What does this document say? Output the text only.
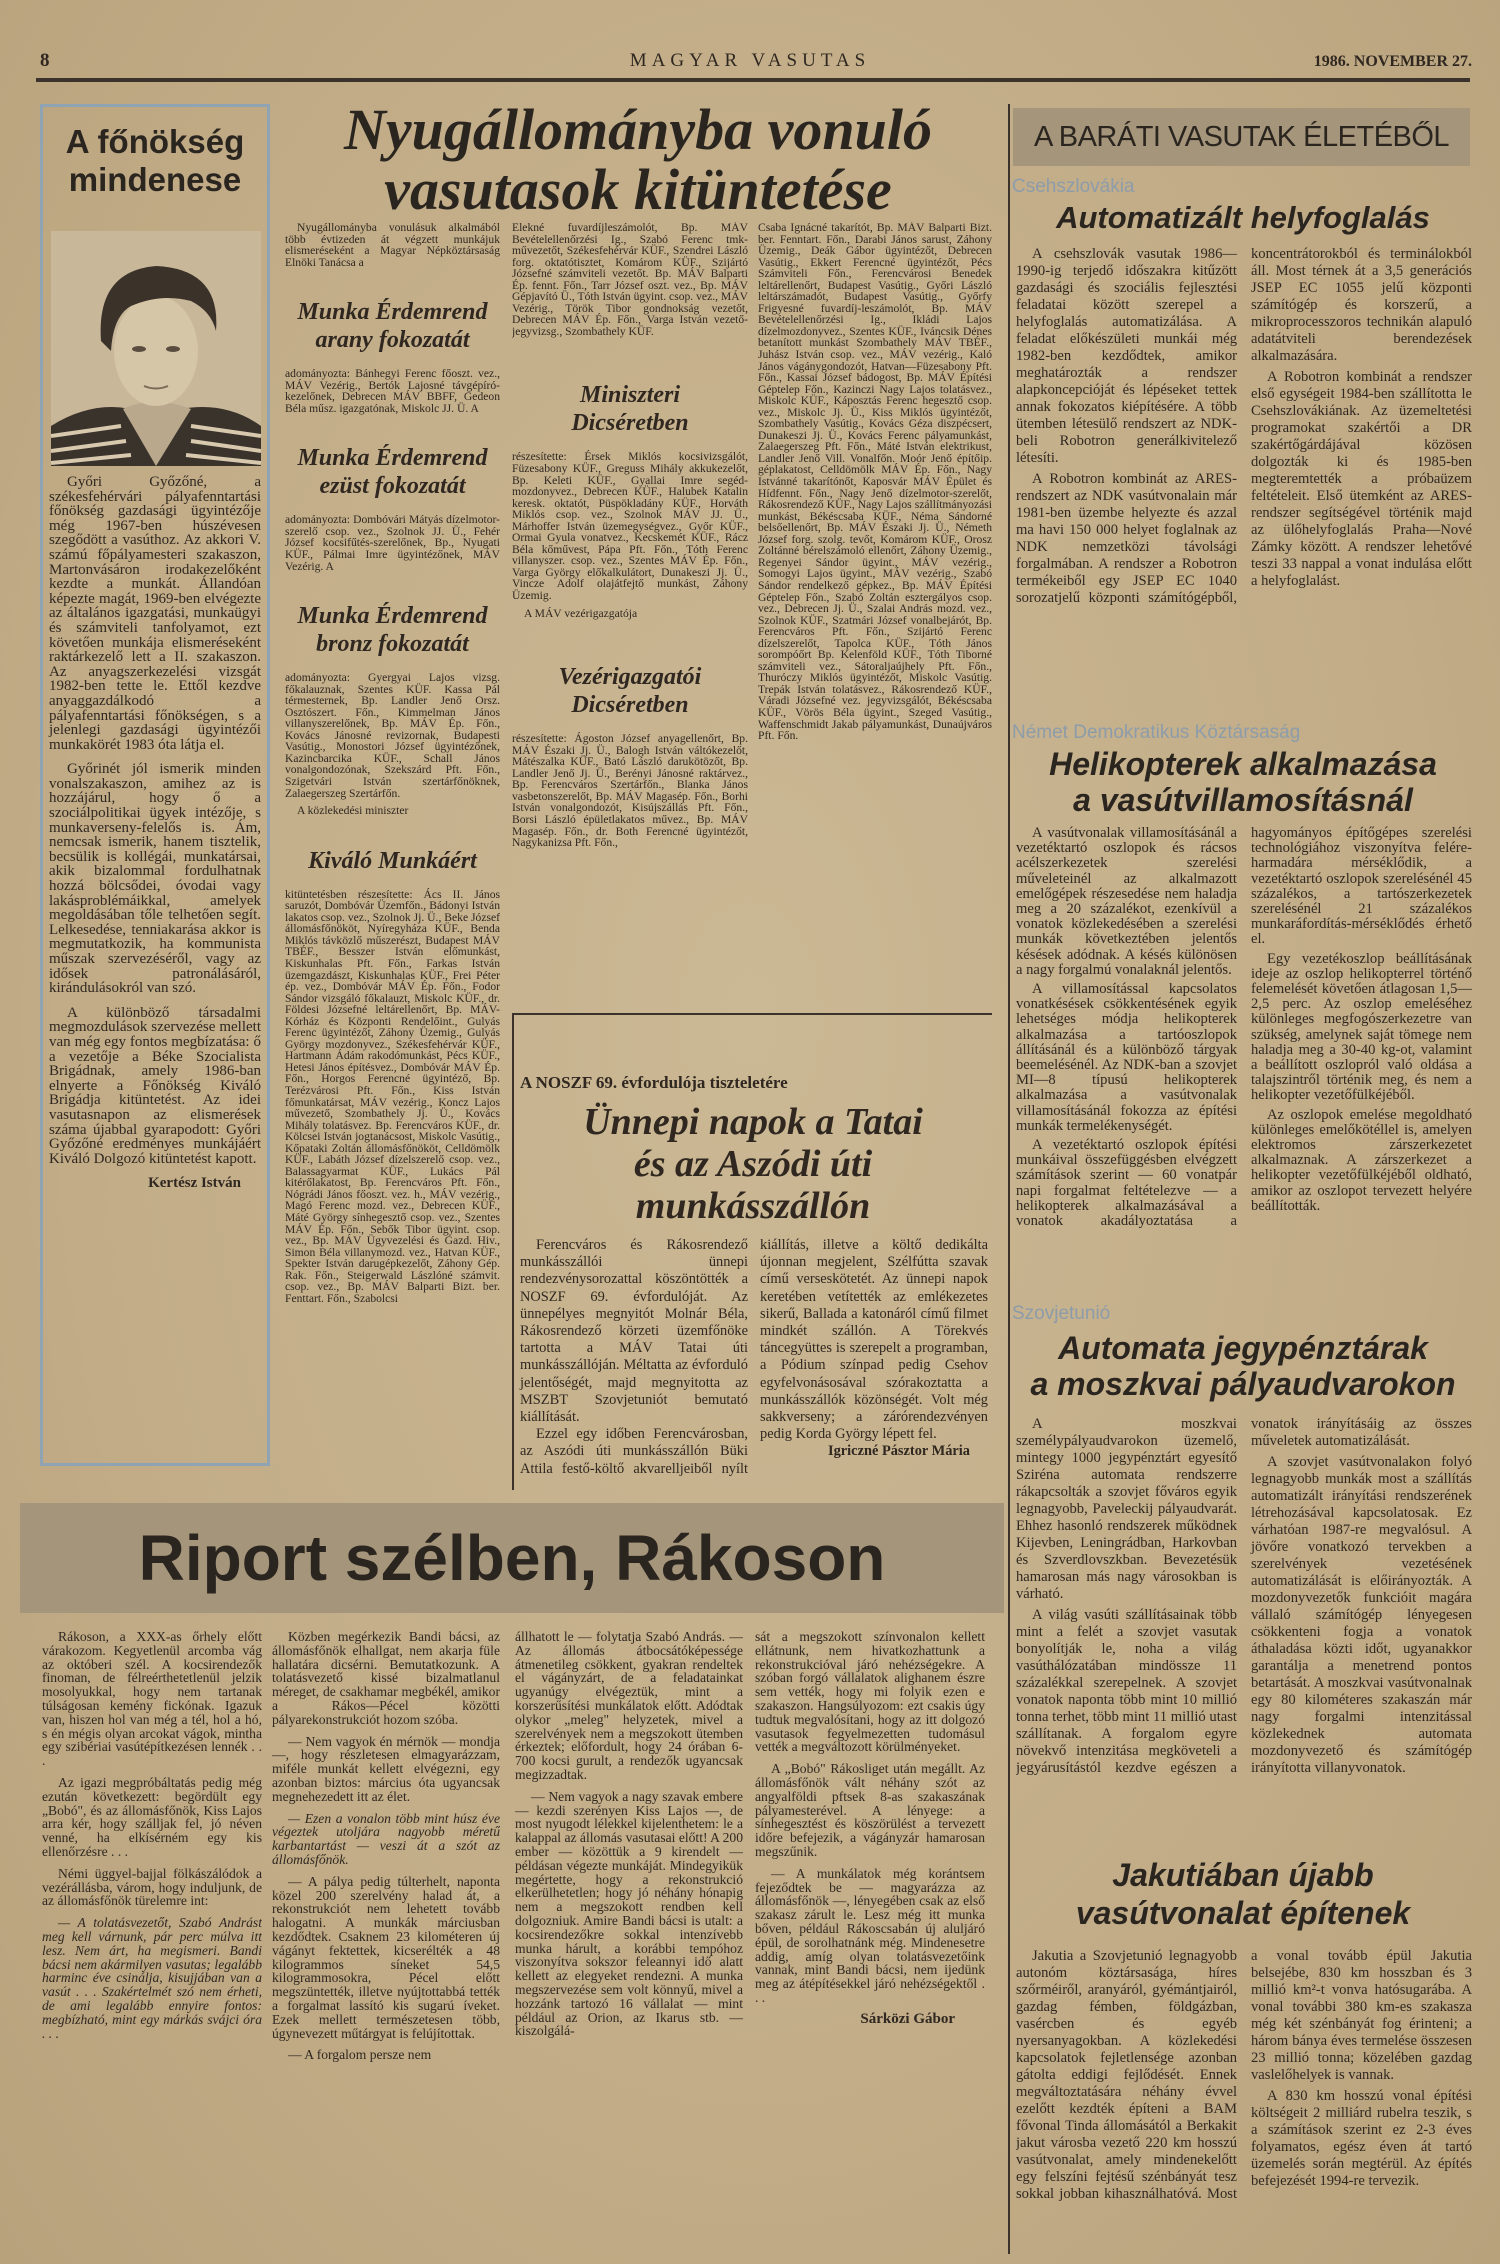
8	MAGYAR VASUTAS	1986. NOVEMBER 27.
A főnökség mindenese

Győri Győzőné, a székesfehérvári pályafenntartási főnökség gazdasági ügyintézője még 1967-ben húszévesen szegődött a vasúthoz. Az akkori V. számú főpályamesteri szakaszon, Martonvásáron irodakezelőként kezdte a munkát. Állandóan képezte magát, 1969-ben elvégezte az általános igazgatási, munkaügyi és számviteli tanfolyamot, ezt követően munkája elismeréseként raktárkezelő lett a II. szakaszon. Az anyagszerkezelési vizsgát 1982-ben tette le. Ettől kezdve anyaggazdálkodó a pályafenntartási főnökségen, s a jelenlegi gazdasági ügyintézői munkakörét 1983 óta látja el.

Győrinét jól ismerik minden vonalszakaszon, amihez az is hozzájárul, hogy ő a szociálpolitikai ügyek intézője, s munkaverseny-felelős is. Ám, nemcsak ismerik, hanem tisztelik, becsülik is kollégái, munkatársai, akik bizalommal fordulhatnak hozzá bölcsődei, óvodai vagy lakásproblémáikkal, amelyek megoldásában tőle telhetően segít. Lelkesedése, tenniakarása akkor is megmutatkozik, ha kommunista műszak szervezéséről, vagy az idősek patronálásáról, kirándulásokról van szó.

A különböző társadalmi megmozdulások szervezése mellett van még egy fontos megbízatása: ő a vezetője a Béke Szocialista Brigádnak, amely 1986-ban elnyerte a Főnökség Kiváló Brigádja kitüntetést. Az idei vasutasnapon az elismerések száma újabbal gyarapodott: Győri Győzőné eredményes munkájáért Kiváló Dolgozó kitüntetést kapott.

Kertész István
Nyugállományba vonuló
vasutasok kitüntetése

Nyugállományba vonulásuk alkalmából több évtizeden át végzett munkájuk elismeréseként a Magyar Népköztársaság Elnöki Tanácsa a

Munka Érdemrend
arany fokozatát

adományozta: Bánhegyi Ferenc főoszt. vez., MÁV Vezérig., Bertók Lajosné távgépíró-kezelőnek, Debrecen MÁV BBFF, Gedeon Béla műsz. igazgatónak, Miskolc JJ. Ü. A

Munka Érdemrend
ezüst fokozatát

adományozta: Dombóvári Mátyás dízelmotor-szerelő csop. vez., Szolnok JJ. Ü., Fehér József kocsifűtés-szerelőnek, Bp., Nyugati KÜF., Pálmai Imre ügyintézőnek, MÁV Vezérig. A

Munka Érdemrend
bronz fokozatát

adományozta: Gyergyai Lajos vizsg. főkalauznak, Szentes KÜF. Kassa Pál térmesternek, Bp. Landler Jenő Orsz. Osztószert. Főn., Kimmelman János villanyszerelőnek, Bp. MÁV Ép. Főn., Kovács Jánosné revizornak, Budapesti Vasútig., Monostori József ügyintézőnek, Kazincbarcika KÜF., Schall János vonalgondozónak, Szekszárd Pft. Főn., Szigetvári István szertárfőnöknek, Zalaegerszeg Szertárfőn.

A közlekedési miniszter

Kiváló Munkáért

kitüntetésben részesítette: Ács II. János saruzót, Dombóvár Üzemfőn., Bádonyi István lakatos csop. vez., Szolnok Jj. Ü., Beke József állomásfőnököt, Nyíregyháza KÜF., Benda Miklós távközlő műszerészt, Budapest MÁV TBÉF., Besszer István előmunkást, Kiskunhalas Pft. Főn., Farkas István üzemgazdászt, Kiskunhalas KÜF., Frei Péter ép. vez., Dombóvár MÁV Ép. Főn., Fodor Sándor vizsgáló főkalauzt, Miskolc KÜF., dr. Földesi Józsefné leltárellenőrt, Bp. MÁV-Kórház és Központi Rendelőint., Gulyás Ferenc ügyintézőt, Záhony Üzemig., Gulyás György mozdonyvez., Székesfehérvár KÜF., Hartmann Ádám rakodómunkást, Pécs KÜF., Hetesi János építésvez., Dombóvár MÁV Ép. Főn., Horgos Ferencné ügyintéző, Bp. Terézvárosi Pft. Főn., Kiss István főmunkatársat, MÁV vezérig., Koncz Lajos művezető, Szombathely Jj. Ü., Kovács Mihály tolatásvez. Bp. Ferencváros KÜF., dr. Kölcsei István jogtanácsost, Miskolc Vasútig., Kőpataki Zoltán állomásfőnököt, Celldömölk KÜF., Labáth József dízelszerelő csop. vez., Balassagyarmat KÜF., Lukács Pál kitérőlakatost, Bp. Ferencváros Pft. Főn., Nógrádi János főoszt. vez. h., MÁV vezérig., Magó Ferenc mozd. vez., Debrecen KÜF., Máté György sínhegesztő csop. vez., Szentes MÁV Ép. Főn., Sebők Tibor ügyint. csop. vez., Bp. MÁV Ügyvezelési és Gazd. Hiv., Simon Béla villanymozd. vez., Hatvan KÜF., Spekter István darugépkezelőt, Záhony Gép. Rak. Főn., Steigerwald Lászlóné számvit. csop. vez., Bp. MÁV Balparti Bizt. ber. Fenttart. Főn., Szabolcsi

Elekné fuvardíjleszámolót, Bp. MÁV Bevételellenőrzési Ig., Szabó Ferenc tmk-művezetőt, Székesfehérvár KÜF., Szendrei László forg. oktatótisztet, Komárom KÜF., Szijártó Józsefné számviteli vezetőt. Bp. MÁV Balparti Ép. fennt. Főn., Tarr József oszt. vez., Bp. MÁV Gépjavító Ü., Tóth István ügyint. csop. vez., MÁV Vezérig., Török Tibor gondnokság vezetőt, Debrecen MÁV Ép. Főn., Varga István vezető-jegyvizsg., Szombathely KÜF.

Miniszteri
Dicséretben

részesítette: Érsek Miklós kocsivizsgálót, Füzesabony KÜF., Greguss Mihály akkukezelőt, Bp. Keleti KÜF., Gyallai Imre segéd-mozdonyvez., Debrecen KÜF., Halubek Katalin keresk. oktatót, Püspökladány KÜF., Horváth Miklós csop. vez., Szolnok MÁV JJ. Ü., Márhoffer István üzemegységvez., Győr KÜF., Ormai Gyula vonatvez., Kecskemét KÜF., Rácz Béla kőművest, Pápa Pft. Főn., Tóth Ferenc villanyszer. csop. vez., Szentes MÁV Ép. Főn., Varga György előkalkulátort, Dunakeszi Jj. Ü., Vincze Adolf olajátfejtő munkást, Záhony Üzemig.

A MÁV vezérigazgatója

Vezérigazgatói
Dicséretben

részesítette: Ágoston József anyagellenőrt, Bp. MÁV Északi Jj. Ü., Balogh István váltókezelőt, Mátészalka KÜF., Bató László darukötözőt, Bp. Landler Jenő Jj. Ü., Berényi Jánosné raktárvez., Bp. Ferencváros Szertárfőn., Blanka János vasbetonszerelőt, Bp. MÁV Magasép. Főn., Borhi István vonalgondozót, Kisújszállás Pft. Főn., Borsi László épületlakatos művez., Bp. MÁV Magasép. Főn., dr. Both Ferencné ügyintézőt, Nagykanizsa Pft. Főn.,

Csaba Ignácné takarítót, Bp. MÁV Balparti Bizt. ber. Fenntart. Főn., Darabi János sarust, Záhony Üzemig., Deák Gábor ügyintézőt, Debrecen Vasútig., Ekkert Ferencné ügyintézőt, Pécs Számviteli Főn., Ferencvárosi Benedek leltárellenőrt, Budapest Vasútig., Győri László leltárszámadót, Budapest Vasútig., Győrfy Frigyesné fuvardíj-leszámolót, Bp. MÁV Bevételellenőrzési Ig., Ikládi Lajos dízelmozdonyvez., Szentes KÜF., Iváncsik Dénes betanított munkást Szombathely MÁV TBÉF., Juhász István csop. vez., MÁV vezérig., Kaló János vágánygondozót, Hatvan—Füzesabony Pft. Főn., Kassai József bádogost, Bp. MÁV Építési Géptelep Főn., Kazinczi Nagy Lajos tolatásvez., Miskolc KÜF., Káposztás Ferenc hegesztő csop. vez., Miskolc Jj. Ü., Kiss Miklós ügyintézőt, Szombathely Vasútig., Kovács Géza diszpécsert, Dunakeszi Jj. Ü., Kovács Ferenc pályamunkást, Zalaegerszeg Pft. Főn., Máté István elektrikust, Landler Jenő Vill. Vonalfőn. Moór Jenő építőip. géplakatost, Celldömölk MÁV Ép. Főn., Nagy Istvánné takarítónőt, Kaposvár MÁV Épület és Hídfennt. Főn., Nagy Jenő dízelmotor-szerelőt, Rákosrendező KÜF., Nagy Lajos szállítmányozási munkást, Békéscsaba KÜF., Néma Sándorné belsőellenőrt, Bp. MÁV Északi Jj. Ü., Németh József forg. szolg. tevőt, Komárom KÜF., Orosz Zoltánné bérelszámoló ellenőrt, Záhony Üzemig., Regenyei Sándor ügyint., MÁV vezérig., Somogyi Lajos ügyint., MÁV vezérig., Szabó Sándor rendelkező gépkez., Bp. MÁV Építési Géptelep Főn., Szabó Zoltán esztergályos csop. vez., Debrecen Jj. Ü., Szalai András mozd. vez., Szolnok KÜF., Szatmári József vonalbejárót, Bp. Ferencváros Pft. Főn., Szijártó Ferenc dízelszerelőt, Tapolca KÜF., Tóth János sorompóőrt Bp. Kelenföld KÜF., Tóth Tiborné számviteli vez., Sátoraljaújhely Pft. Főn., Thuróczy Miklós ügyintézőt, Miskolc Vasútig. Trepák István tolatásvez., Rákosrendező KÜF., Váradi Józsefné vez. jegyvizsgálót, Békéscsaba KÜF., Vörös Béla ügyint., Szeged Vasútig., Waffenschmidt Jakab pályamunkást, Dunaújváros Pft. Főn.

A NOSZF 69. évfordulója tiszteletére
Ünnepi napok a Tatai
és az Aszódi úti munkásszállón

Ferencváros és Rákosrendező munkásszállói ünnepi rendezvénysorozattal köszöntötték a NOSZF 69. évfordulóját. Az ünnepélyes megnyitót Molnár Béla, Rákosrendező körzeti üzemfőnöke tartotta a MÁV Tatai úti munkásszállóján. Méltatta az évforduló jelentőségét, majd megnyitotta az MSZBT Szovjetuniót bemutató kiállítását.

Ezzel egy időben Ferencvárosban, az Aszódi úti munkásszállón Büki Attila festő-költő akvarelljeiből nyílt kiállítás, illetve a költő dedikálta újonnan megjelent, Szélfútta szavak című verseskötetét. Az ünnepi napok keretében vetítették az emlékezetes sikerű, Ballada a katonáról című filmet mindkét szállón. A Törekvés táncegyüttes is szerepelt a programban, a Pódium színpad pedig Csehov egyfelvonásosával szórakoztatta a munkásszállók közönségét. Volt még sakkverseny; a zárórendezvényen pedig Korda György lépett fel.

Igriczné Pásztor Mária
Riport szélben, Rákoson

Rákoson, a XXX-as őrhely előtt várakozom. Kegyetlenül arcomba vág az októberi szél. A kocsirendezők finoman, de félreérthetetlenül jelzik mosolyukkal, hogy nem tartanak túlságosan kemény fickónak. Igazuk van, hiszen hol van még a tél, hol a hó, s én mégis olyan arcokat vágok, mintha egy szibériai vasútépítkezésen lennék . . .

Az igazi megpróbáltatás pedig még ezután következett: begördült egy „Bobó", és az állomásfőnök, Kiss Lajos arra kér, hogy szálljak fel, jó néven venné, ha elkísérném egy kis ellenőrzésre . . .

Némi üggyel-bajjal fölkászálódok a vezérállásba, várom, hogy induljunk, de az állomásfőnök türelemre int:

— A tolatásvezetőt, Szabó Andrást meg kell várnunk, pár perc múlva itt lesz. Nem árt, ha megismeri. Bandi bácsi nem akármilyen vasutas; legalább harminc éve csinálja, kisujjában van a vasút . . . Szakértelmét szó nem érheti, de ami legalább ennyire fontos: megbízható, mint egy márkás svájci óra . . .

Közben megérkezik Bandi bácsi, az állomásfőnök elhallgat, nem akarja füle hallatára dicsérni. Bemutatkozunk. A tolatásvezető kissé bizalmatlanul méreget, de csakhamar megbékél, amikor a Rákos—Pécel közötti pályarekonstrukciót hozom szóba.

— Nem vagyok én mérnök — mondja —, hogy részletesen elmagyarázzam, miféle munkát kellett elvégezni, egy azonban biztos: március óta ugyancsak megnehezedett itt az élet.

— Ezen a vonalon több mint húsz éve végeztek utoljára nagyobb méretű karbantartást — veszi át a szót az állomásfőnök.

— A pálya pedig túlterhelt, naponta közel 200 szerelvény halad át, a rekonstrukciót nem lehetett tovább halogatni. A munkák márciusban kezdődtek. Csaknem 23 kilométeren új vágányt fektettek, kicserélték a 48 kilogrammos síneket 54,5 kilogrammosokra, Pécel előtt megszüntették, illetve nyújtottabbá tették a forgalmat lassító kis sugarú íveket. Ezek mellett természetesen több, úgynevezett műtárgyat is felújítottak.

— A forgalom persze nem

állhatott le — folytatja Szabó András. — Az állomás átbocsátóképessége átmenetileg csökkent, gyakran rendeltek el vágányzárt, de a feladatainkat ugyanúgy elvégeztük, mint a korszerűsítési munkálatok előtt. Adódtak olykor „meleg" helyzetek, mivel a szerelvények nem a megszokott ütemben érkeztek; előfordult, hogy 24 órában 6-700 kocsi gurult, a rendezők ugyancsak megizzadtak.

— Nem vagyok a nagy szavak embere — kezdi szerényen Kiss Lajos —, de most nyugodt lélekkel kijelenthetem: le a kalappal az állomás vasutasai előtt! A 200 ember — közöttük a 9 kirendelt — példásan végezte munkáját. Mindegyikük megértette, hogy a rekonstrukció elkerülhetetlen; hogy jó néhány hónapig nem a megszokott rendben kell dolgozniuk. Amire Bandi bácsi is utalt: a kocsirendezőkre sokkal intenzívebb munka hárult, a korábbi tempóhoz viszonyítva sokszor feleannyi idő alatt kellett az elegyeket rendezni. A munka megszervezése sem volt könnyű, mivel a hozzánk tartozó 16 vállalat — mint például az Orion, az Ikarus stb. — kiszolgálá-

sát a megszokott színvonalon kellett ellátnunk, nem hivatkozhattunk a rekonstrukcióval járó nehézségekre. A szóban forgó vállalatok alighanem észre sem vették, hogy mi folyik ezen e szakaszon. Hangsúlyozom: ezt csakis úgy tudtuk megvalósítani, hogy az itt dolgozó vasutasok fegyelmezetten tudomásul vették a megváltozott körülményeket.

A „Bobó" Rákosliget után megállt. Az állomásfőnök vált néhány szót az angyalföldi pftsek 8-as szakaszának pályamesterével. A lényege: a sínhegesztést és köszörülést a tervezett időre befejezik, a vágányzár hamarosan megszűnik.

— A munkálatok még korántsem fejeződtek be — magyarázza az állomásfőnök —, lényegében csak az első szakasz zárult le. Lesz még itt munka bőven, például Rákoscsabán új aluljáró épül, de sorolhatnánk még. Mindenesetre addig, amíg olyan tolatásvezetőink vannak, mint Bandi bácsi, nem ijedünk meg az átépítésekkel járó nehézségektől . . .

Sárközi Gábor
A BARÁTI VASUTAK ÉLETÉBŐL
Csehszlovákia
Automatizált helyfoglalás

A csehszlovák vasutak 1986—1990-ig terjedő időszakra kitűzött gazdasági és szociális fejlesztési feladatai között szerepel a helyfoglalás automatizálása. A feladat előkészületi munkái még 1982-ben kezdődtek, amikor meghatározták a rendszer alapkoncepcióját és lépéseket tettek annak fokozatos kiépítésére. A több ütemben létesülő rendszert az NDK-beli Robotron generálkivitelező létesíti.

A Robotron kombinát az ARES-rendszert az NDK vasútvonalain már 1981-ben üzembe helyezte és azzal ma havi 150 000 helyet foglalnak az NDK nemzetközi távolsági forgalmában. A rendszer a Robotron termékeiből egy JSEP EC 1040 sorozatjelű központi számítógépből, koncentrátorokból és terminálokból áll. Most térnek át a 3,5 generációs JSEP EC 1055 jelű központi számítógép és korszerű, a mikroprocesszoros technikán alapuló adatátviteli berendezések alkalmazására.

A Robotron kombinát a rendszer első egységeit 1984-ben szállította le Csehszlovákiának. Az üzemeltetési programokat szakértői a DR szakértőgárdájával közösen dolgozták ki és 1985-ben megteremtették a próbaüzem feltételeit. Első ütemként az ARES-rendszer segítségével történik majd az ülőhelyfoglalás Praha—Nové Zámky között. A rendszer lehetővé teszi 33 nappal a vonat indulása előtt a helyfoglalást.

Német Demokratikus Köztársaság
Helikopterek alkalmazása
a vasútvillamosításnál

A vasútvonalak villamosításánál a vezetéktartó oszlopok és rácsos acélszerkezetek szerelési műveleteinél az alkalmazott emelőgépek részesedése nem haladja meg a 20 százalékot, ezenkívül a vonatok közlekedésében a szerelési munkák következtében jelentős késések adódnak. A késés különösen a nagy forgalmú vonalaknál jelentős.

A villamosítással kapcsolatos vonatkésések csökkentésének egyik lehetséges módja helikopterek alkalmazása a tartóoszlopok állításánál és a különböző tárgyak beemelésénél. Az NDK-ban a szovjet MI—8 típusú helikopterek alkalmazása a vasútvonalak villamosításánál fokozza az építési munkák termelékenységét.

A vezetéktartó oszlopok építési munkáival összefüggésben elvégzett számítások szerint — 60 vonatpár napi forgalmat feltételezve — a helikopterek alkalmazásával a vonatok akadályoztatása a hagyományos építőgépes szerelési technológiához viszonyítva felére-harmadára mérséklődik, a vezetéktartó oszlopok szerelésénél 45 százalékos, a tartószerkezetek szerelésénél 21 százalékos munkaráfordítás-mérséklődés érhető el.

Egy vezetékoszlop beállításának ideje az oszlop helikopterrel történő felemelését követően átlagosan 1,5—2,5 perc. Az oszlop emeléséhez különleges megfogószerkezetre van szükség, amelynek saját tömege nem haladja meg a 30-40 kg-ot, valamint a beállított oszlopról való oldása a talajszintről történik meg, és nem a helikopter vezetőfülkéjéből.

Az oszlopok emelése megoldható különleges emelőkötéllel is, amelyen elektromos zárszerkezetet alkalmaznak. A zárszerkezet a helikopter vezetőfülkéjéből oldható, amikor az oszlopot tervezett helyére beállították.

Szovjetunió
Automata jegypénztárak
a moszkvai pályaudvarokon

A moszkvai személypályaudvarokon üzemelő, mintegy 1000 jegypénztárt egyesítő Sziréna automata rendszerre rákapcsolták a szovjet főváros egyik legnagyobb, Paveleckij pályaudvarát. Ehhez hasonló rendszerek működnek Kijevben, Leningrádban, Harkovban és Szverdlovszkban. Bevezetésük hamarosan más nagy városokban is várható.

A világ vasúti szállításainak több mint a felét a szovjet vasutak bonyolítják le, noha a világ vasúthálózatában mindössze 11 százalékkal szerepelnek. A szovjet vonatok naponta több mint 10 millió tonna terhet, több mint 11 millió utast szállítanak. A forgalom egyre növekvő intenzitása megköveteli a jegyárusítástól kezdve egészen a vonatok irányításáig az összes műveletek automatizálását.

A szovjet vasútvonalakon folyó legnagyobb munkák most a szállítás automatizált irányítási rendszerének létrehozásával kapcsolatosak. Ez várhatóan 1987-re megvalósul. A jövőre vonatkozó tervekben a szerelvények vezetésének automatizálását is előirányozták. A mozdonyvezetők funkcióit magára vállaló számítógép lényegesen csökkenteni fogja a vonatok áthaladása közti időt, ugyanakkor garantálja a menetrend pontos betartását. A moszkvai vasútvonalnak egy 80 kilométeres szakaszán már nagy forgalmi intenzitással közlekednek automata mozdonyvezető és számítógép irányította villanyvonatok.

Jakutiában újabb
vasútvonalat építenek

Jakutia a Szovjetunió legnagyobb autonóm köztársasága, híres szőrméiről, aranyáról, gyémántjairól, gazdag fémben, földgázban, vasércben és egyéb nyersanyagokban. A közlekedési kapcsolatok fejletlensége azonban gátolta eddigi fejlődését. Ennek megváltoztatására néhány évvel ezelőtt kezdték építeni a BAM fővonal Tinda állomásától a Berkakit jakut városba vezető 220 km hosszú vasútvonalat, amely mindenekelőtt egy felszíni fejtésű szénbányát tesz sokkal jobban kihasználhatóvá. Most a vonal tovább épül Jakutia belsejébe, 830 km hosszban és 3 millió km²-t vonva hatósugarába. A vonal további 380 km-es szakasza még két szénbányát fog érinteni; a három bánya éves termelése összesen 23 millió tonna; közelében gazdag vaslelőhelyek is vannak.

A 830 km hosszú vonal építési költségeit 2 milliárd rubelra teszik, s a számítások szerint ez 2-3 éves folyamatos, egész éven át tartó üzemelés során megtérül. Az építés befejezését 1994-re tervezik.
